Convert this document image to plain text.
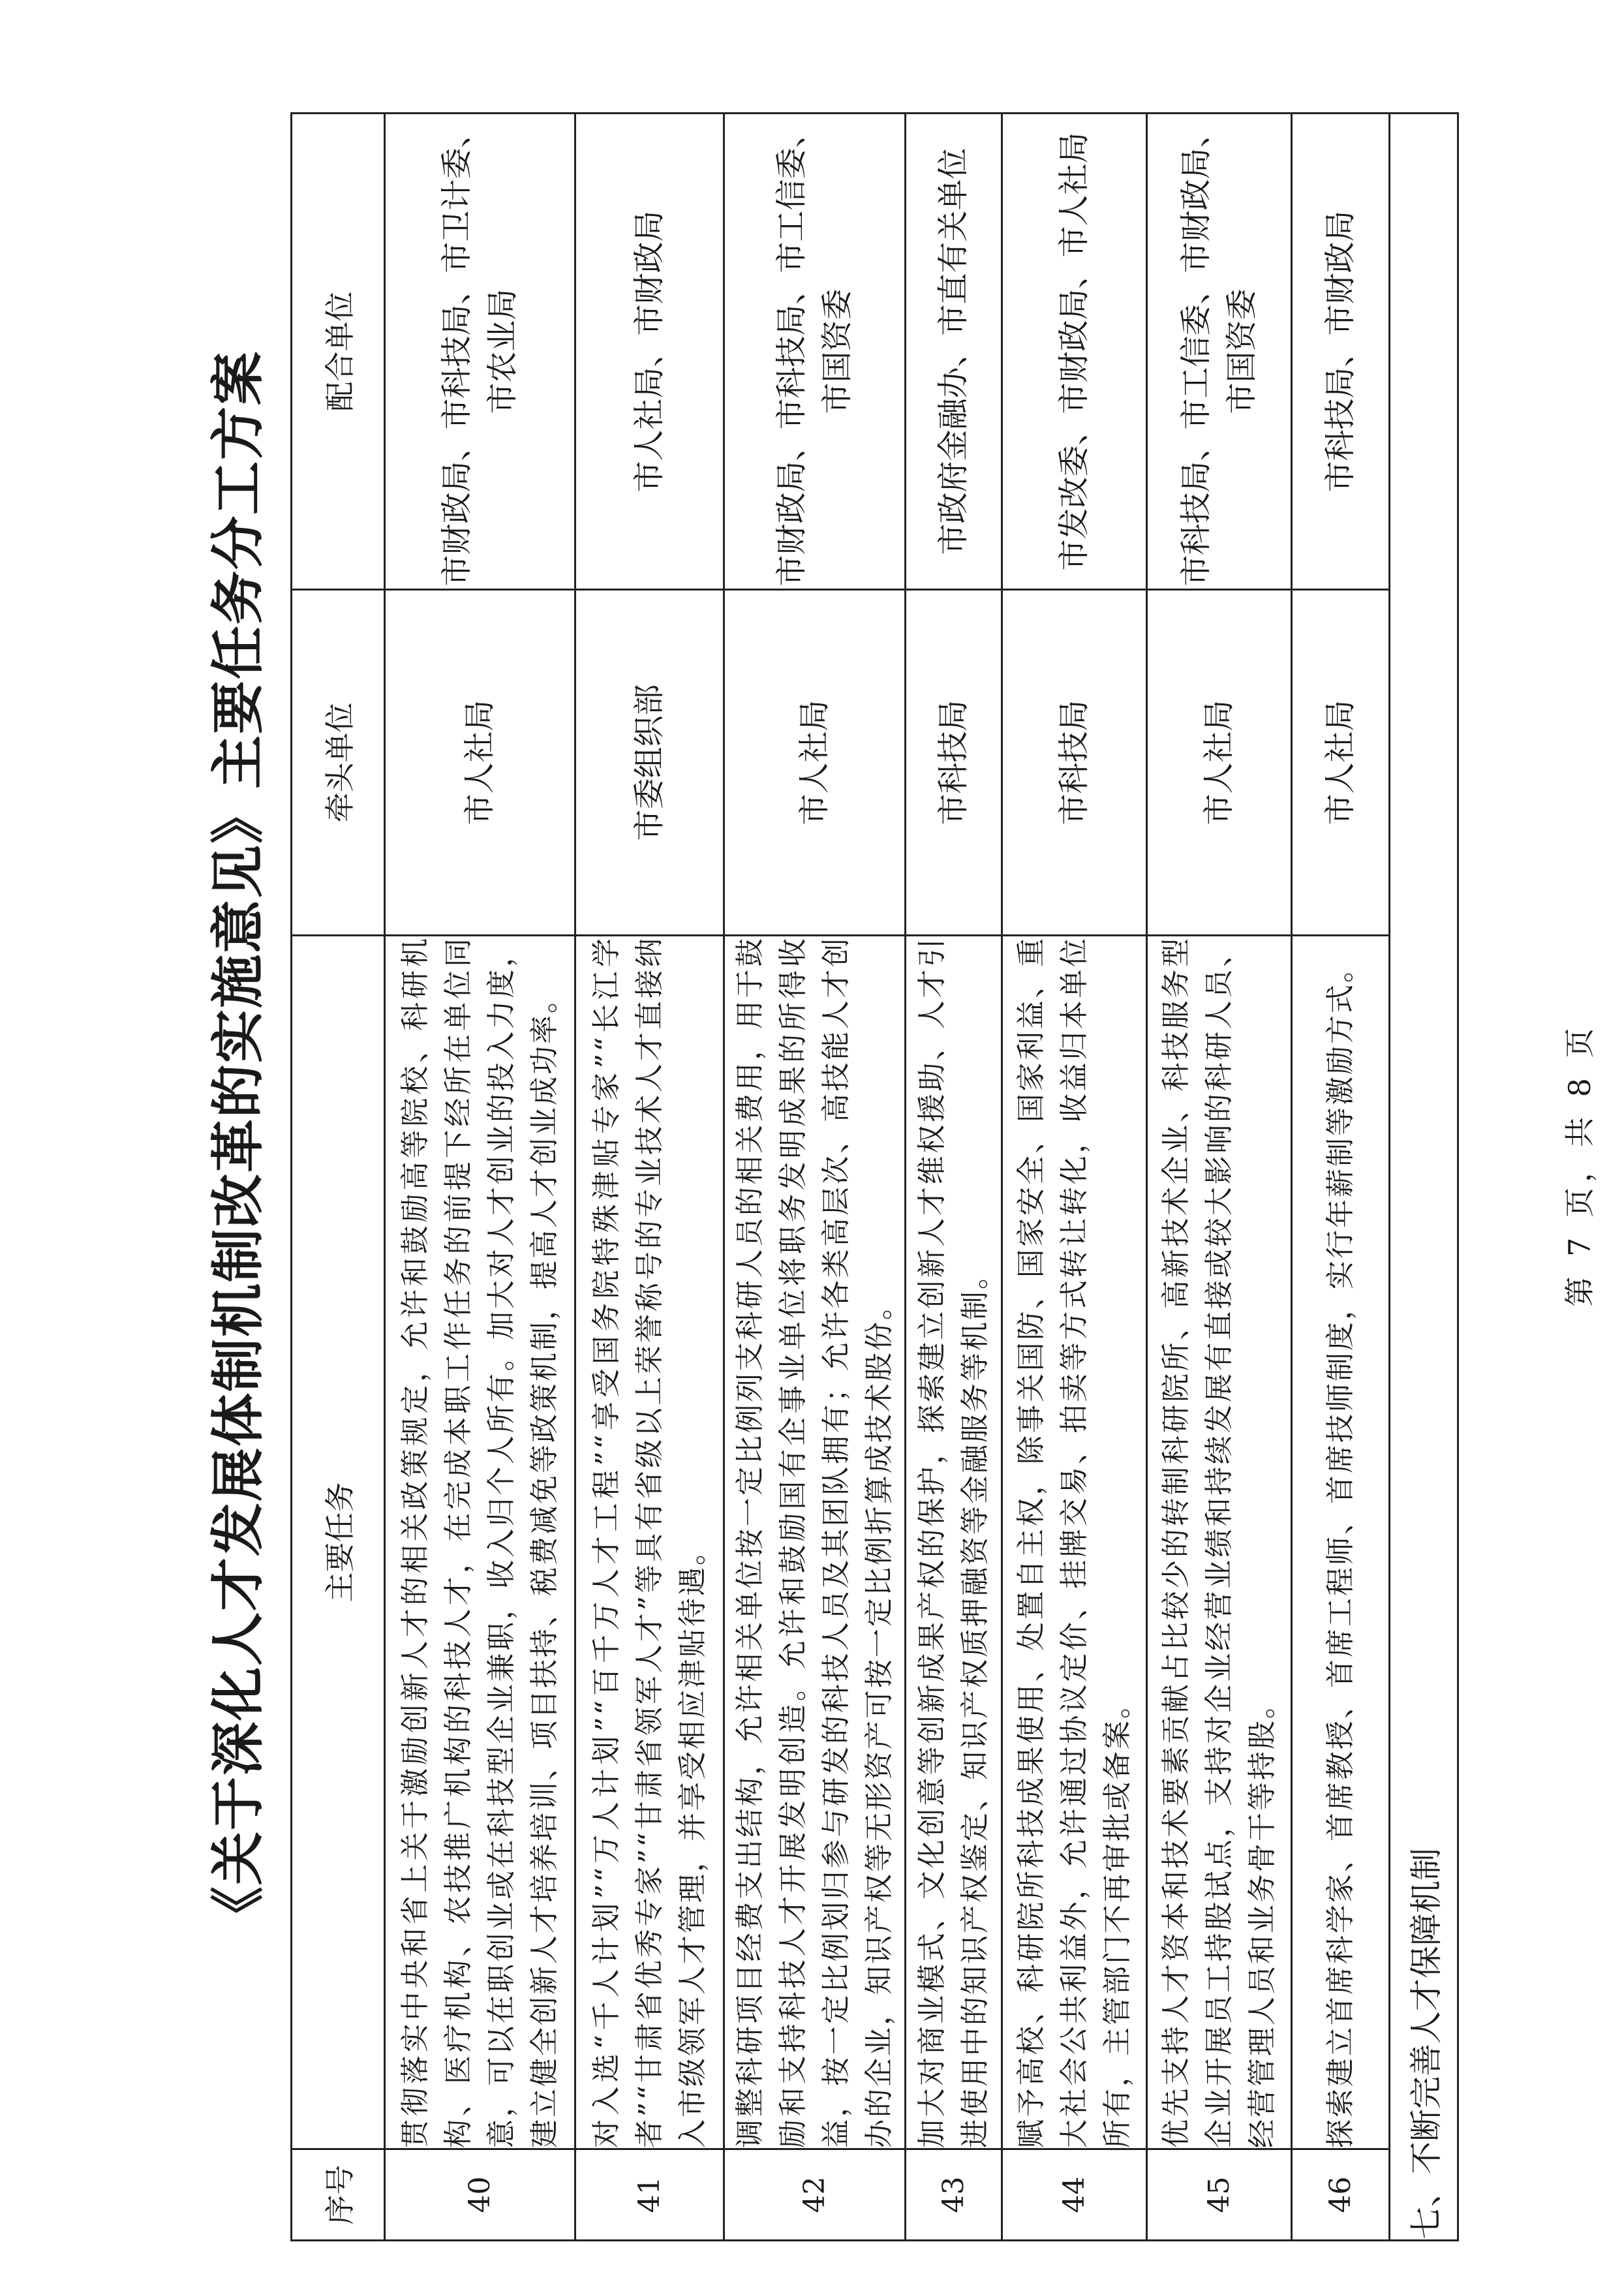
《关于深化人才发展体制机制改革的实施意见》主要任务分工方案
序号	主要任务	牵头单位	配合单位
40	贯彻落实中央和省上关于激励创新人才的相关政策规定，允许和鼓励高等院校、科研机构、医疗机构、农技推广机构的科技人才，在完成本职工作任务的前提下经所在单位同意，可以在职创业或在科技型企业兼职，收入归个人所有。加大对人才创业的投入力度，建立健全创新人才培养培训、项目扶持、税费减免等政策机制，提高人才创业成功率。	市人社局	市财政局、市科技局、市卫计委、市农业局
41	对入选“千人计划”“万人计划”“百千万人才工程”“享受国务院特殊津贴专家”“长江学者”“甘肃省优秀专家”“甘肃省领军人才”等具有省级以上荣誉称号的专业技术人才直接纳入市级领军人才管理，并享受相应津贴待遇。	市委组织部	市人社局、市财政局
42	调整科研项目经费支出结构，允许相关单位按一定比例列支科研人员的相关费用，用于鼓励和支持科技人才开展发明创造。允许和鼓励国有企事业单位将职务发明成果的所得收益，按一定比例划归参与研发的科技人员及其团队拥有；允许各类高层次、高技能人才创办的企业，知识产权等无形资产可按一定比例折算成技术股份。	市人社局	市财政局、市科技局、市工信委、市国资委
43	加大对商业模式、文化创意等创新成果产权的保护，探索建立创新人才维权援助、人才引进使用中的知识产权鉴定、知识产权质押融资等金融服务等机制。	市科技局	市政府金融办、市直有关单位
44	赋予高校、科研院所科技成果使用、处置自主权，除事关国防、国家安全、国家利益、重大社会公共利益外，允许通过协议定价、挂牌交易、拍卖等方式转让转化，收益归本单位所有，主管部门不再审批或备案。	市科技局	市发改委、市财政局、市人社局
45	优先支持人才资本和技术要素贡献占比较少的转制科研院所、高新技术企业、科技服务型企业开展员工持股试点，支持对企业经营业绩和持续发展有直接或较大影响的科研人员、经营管理人员和业务骨干等持股。	市人社局	市科技局、市工信委、市财政局、市国资委
46	探索建立首席科学家、首席教授、首席工程师、首席技师制度，实行年薪制等激励方式。	市人社局	市科技局、市财政局
七、不断完善人才保障机制			
第 7 页，共 8 页
